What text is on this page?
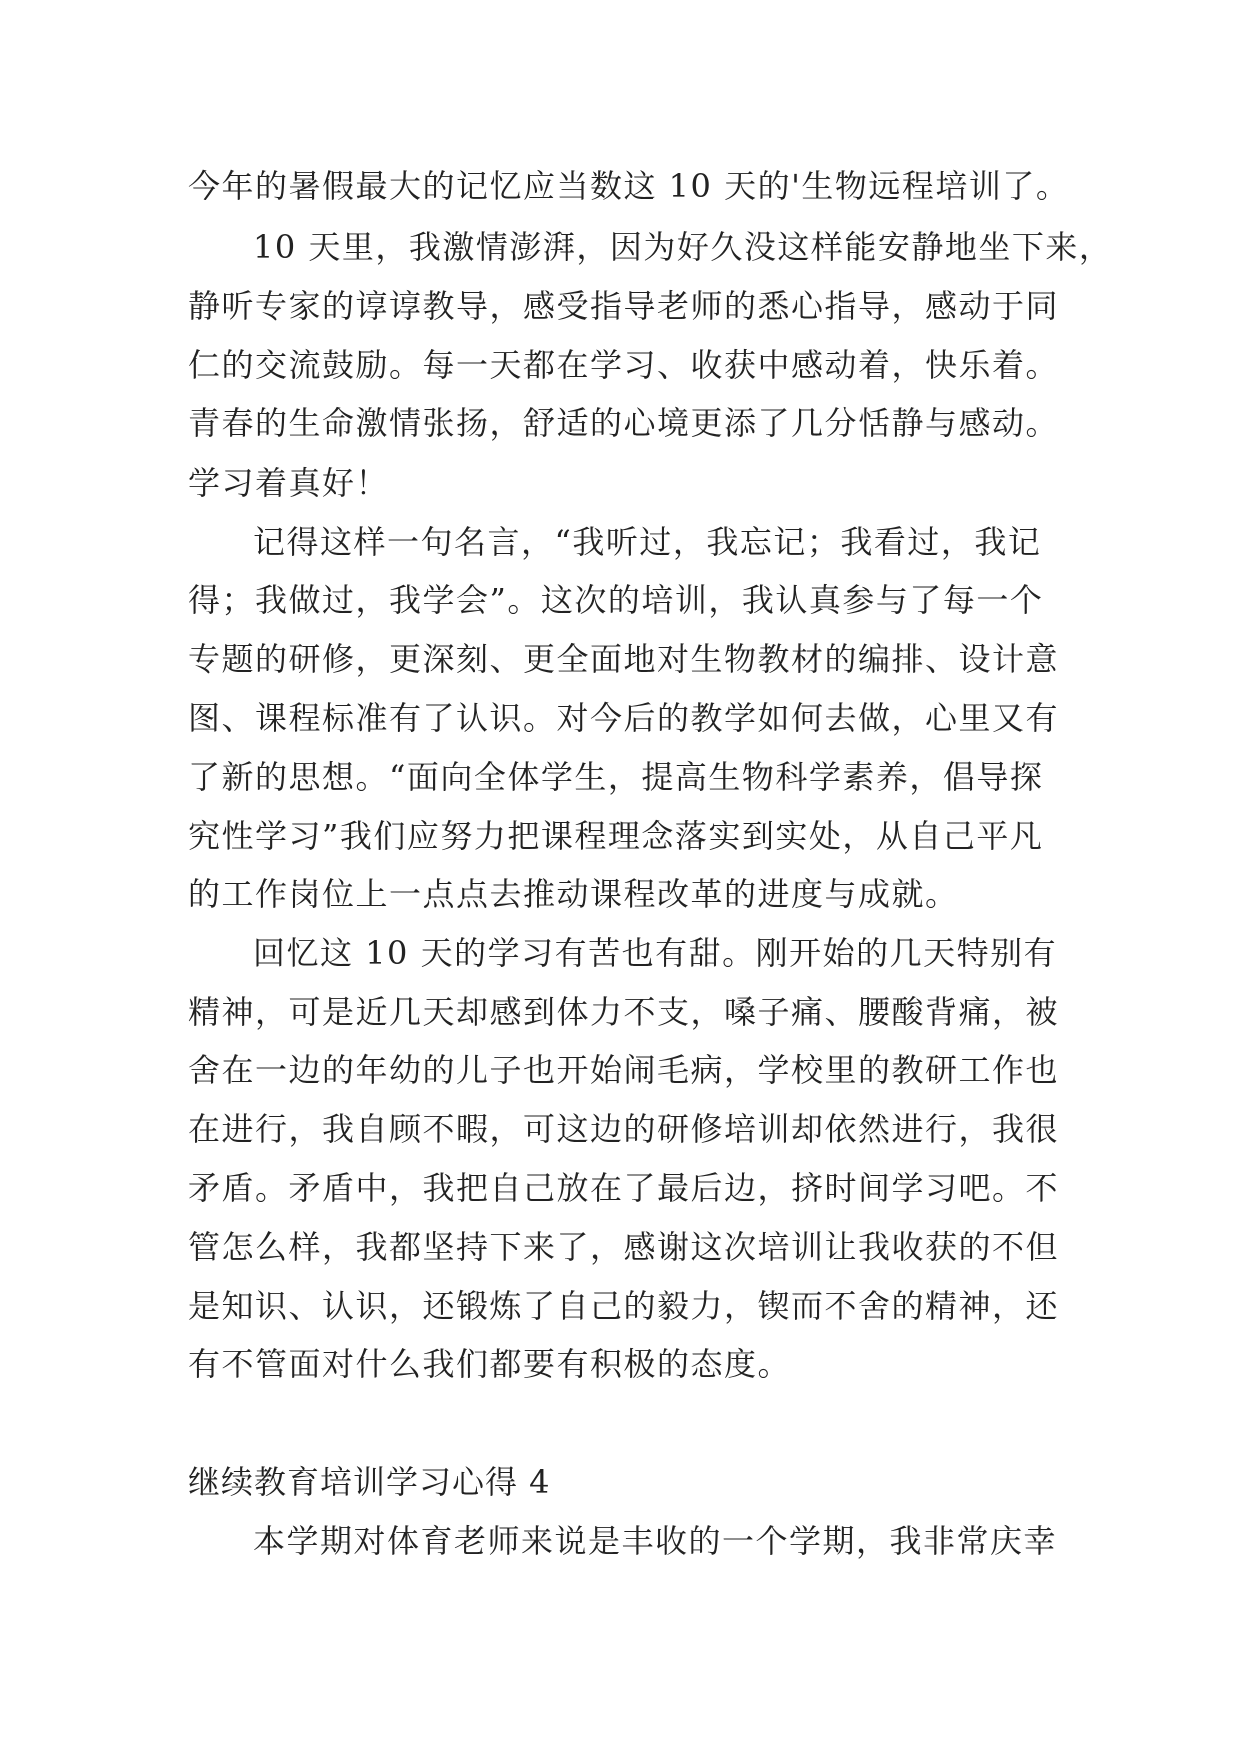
今年的暑假最大的记忆应当数这 10 天的'生物远程培训了。
10 天里，我激情澎湃，因为好久没这样能安静地坐下来，
静听专家的谆谆教导，感受指导老师的悉心指导，感动于同
仁的交流鼓励。每一天都在学习、收获中感动着，快乐着。
青春的生命激情张扬，舒适的心境更添了几分恬静与感动。
学习着真好！
记得这样一句名言，“我听过，我忘记；我看过，我记
得；我做过，我学会”。这次的培训，我认真参与了每一个
专题的研修，更深刻、更全面地对生物教材的编排、设计意
图、课程标准有了认识。对今后的教学如何去做，心里又有
了新的思想。“面向全体学生，提高生物科学素养，倡导探
究性学习”我们应努力把课程理念落实到实处，从自己平凡
的工作岗位上一点点去推动课程改革的进度与成就。
回忆这 10 天的学习有苦也有甜。刚开始的几天特别有
精神，可是近几天却感到体力不支，嗓子痛、腰酸背痛，被
舍在一边的年幼的儿子也开始闹毛病，学校里的教研工作也
在进行，我自顾不暇，可这边的研修培训却依然进行，我很
矛盾。矛盾中，我把自己放在了最后边，挤时间学习吧。不
管怎么样，我都坚持下来了，感谢这次培训让我收获的不但
是知识、认识，还锻炼了自己的毅力，锲而不舍的精神，还
有不管面对什么我们都要有积极的态度。
继续教育培训学习心得 4
本学期对体育老师来说是丰收的一个学期，我非常庆幸
